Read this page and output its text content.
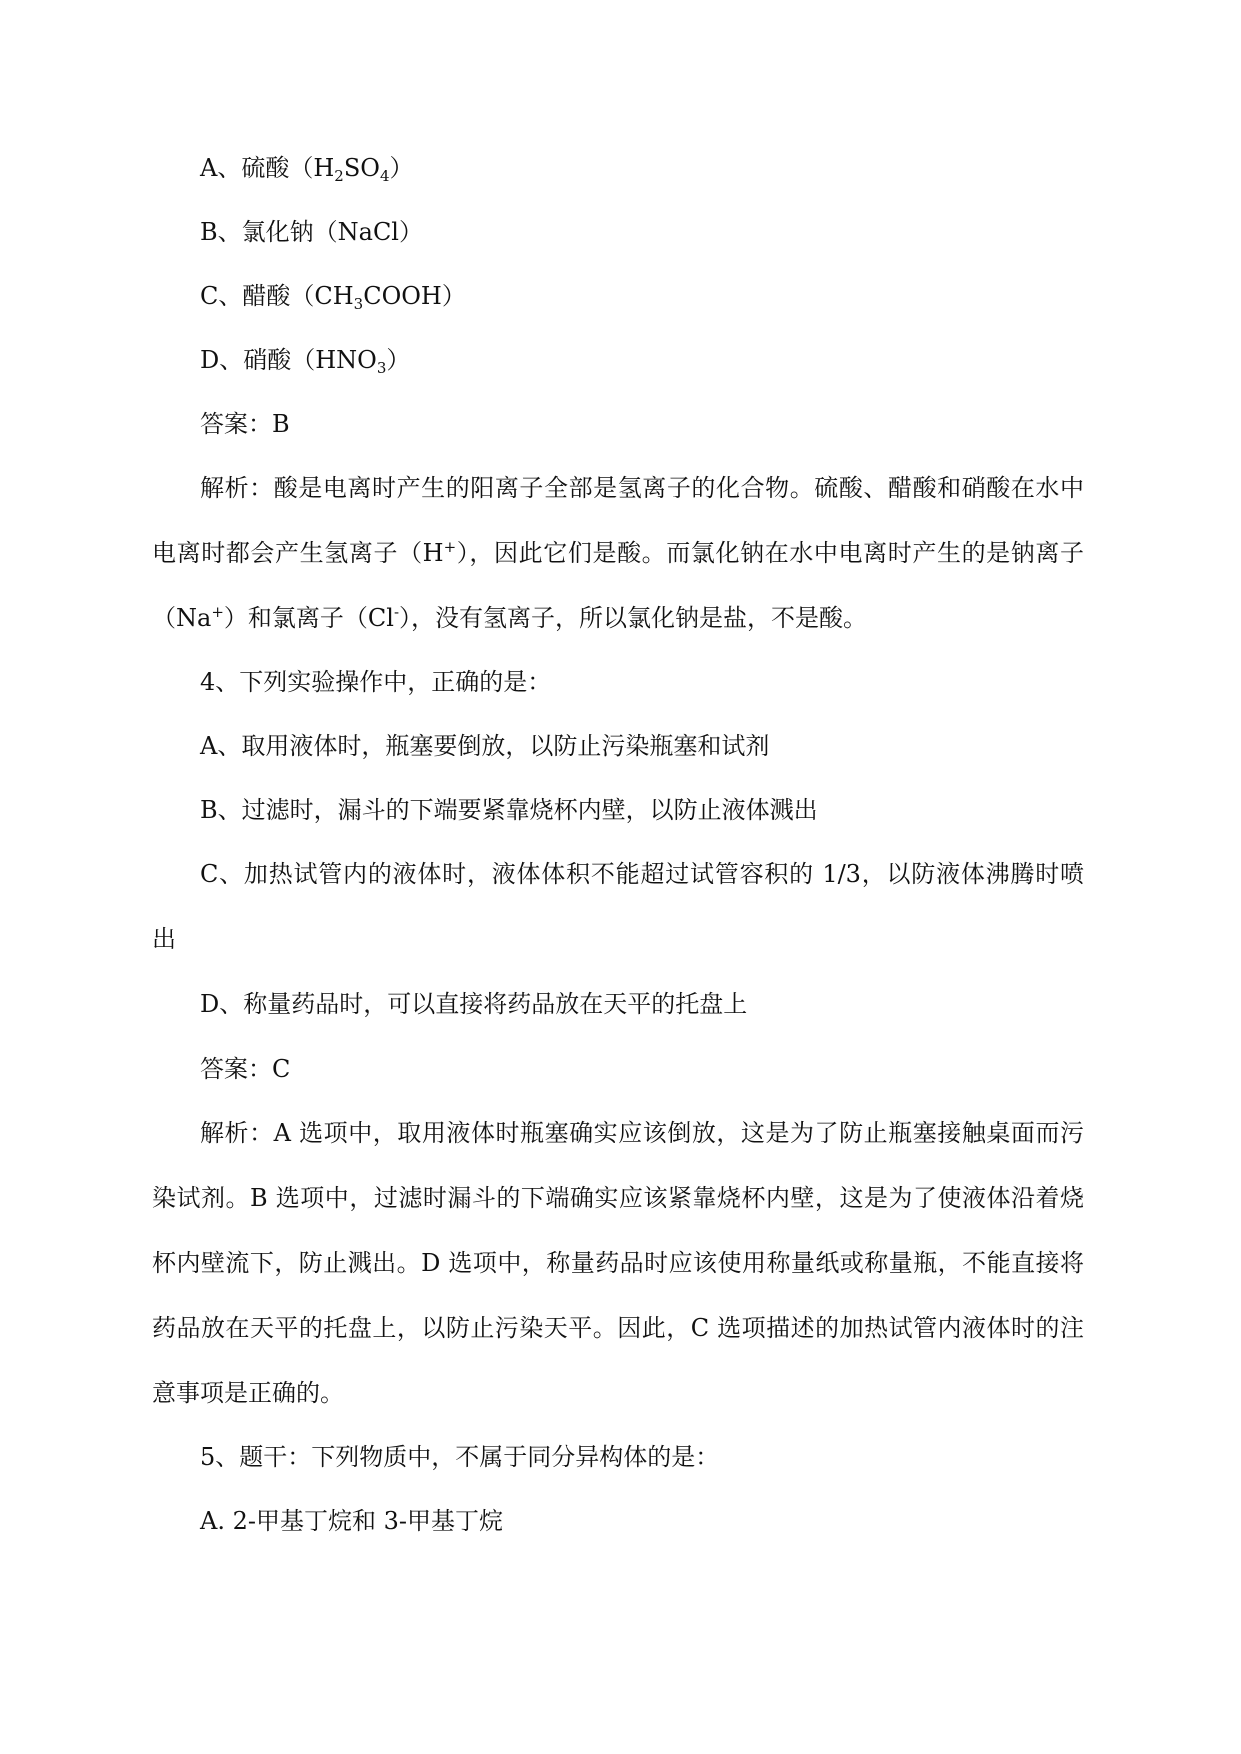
A、硫酸$(H_2SO_4)$
B、氯化钠（NaCl）
C、醋酸$(CH_3COOH)$
D、硝酸$(HNO_3)$
答案：B
解析：酸是电离时产生的阳离子全部是氢离子的化合物。硫酸、醋酸和硝酸在水中
电离时都会产生氢离子（H+），因此它们是酸。而氯化钠在水中电离时产生的是钠离子
（Na+）和氯离子（Cl-），没有氢离子，所以氯化钠是盐，不是酸。
4、下列实验操作中，正确的是：
A、取用液体时，瓶塞要倒放，以防止污染瓶塞和试剂
B、过滤时，漏斗的下端要紧靠烧杯内壁，以防止液体溅出
C、加热试管内的液体时，液体体积不能超过试管容积的 1/3，以防液体沸腾时喷
出
D、称量药品时，可以直接将药品放在天平的托盘上
答案：C
解析：A 选项中，取用液体时瓶塞确实应该倒放，这是为了防止瓶塞接触桌面而污
染试剂。B 选项中，过滤时漏斗的下端确实应该紧靠烧杯内壁，这是为了使液体沿着烧
杯内壁流下，防止溅出。D 选项中，称量药品时应该使用称量纸或称量瓶，不能直接将
药品放在天平的托盘上，以防止污染天平。因此，C 选项描述的加热试管内液体时的注
意事项是正确的。
5、题干：下列物质中，不属于同分异构体的是：
A. 2-甲基丁烷和 3-甲基丁烷
